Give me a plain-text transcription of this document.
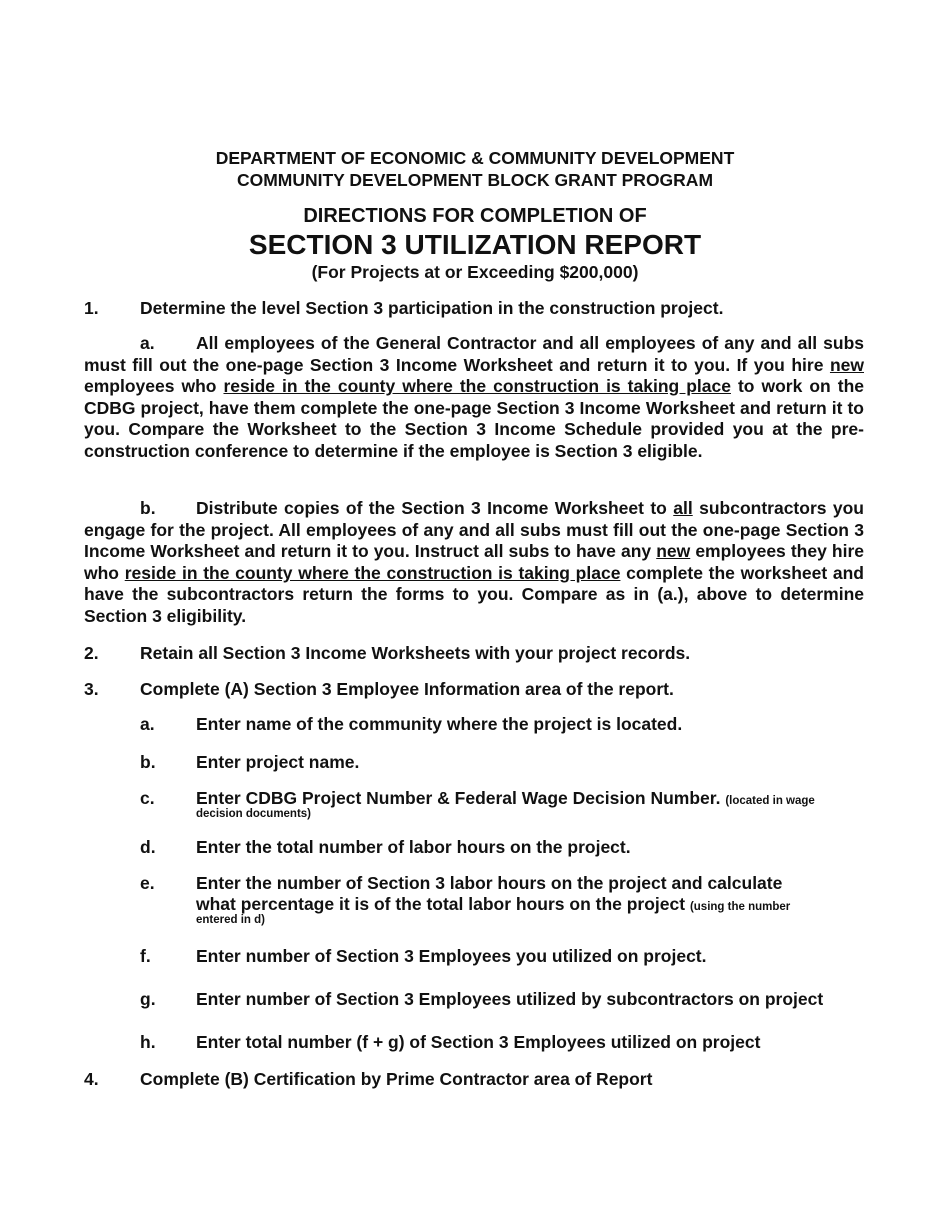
DEPARTMENT OF ECONOMIC & COMMUNITY DEVELOPMENT
COMMUNITY DEVELOPMENT BLOCK GRANT PROGRAM
DIRECTIONS FOR COMPLETION OF
SECTION 3 UTILIZATION REPORT
(For Projects at or Exceeding $200,000)
1. Determine the level Section 3 participation in the construction project.
a. All employees of the General Contractor and all employees of any and all subs must fill out the one-page Section 3 Income Worksheet and return it to you. If you hire new employees who reside in the county where the construction is taking place to work on the CDBG project, have them complete the one-page Section 3 Income Worksheet and return it to you. Compare the Worksheet to the Section 3 Income Schedule provided you at the pre-construction conference to determine if the employee is Section 3 eligible.
b. Distribute copies of the Section 3 Income Worksheet to all subcontractors you engage for the project. All employees of any and all subs must fill out the one-page Section 3 Income Worksheet and return it to you. Instruct all subs to have any new employees they hire who reside in the county where the construction is taking place complete the worksheet and have the subcontractors return the forms to you. Compare as in (a.), above to determine Section 3 eligibility.
2. Retain all Section 3 Income Worksheets with your project records.
3. Complete (A) Section 3 Employee Information area of the report.
a. Enter name of the community where the project is located.
b. Enter project name.
c. Enter CDBG Project Number & Federal Wage Decision Number. (located in wage
decision documents)
d. Enter the total number of labor hours on the project.
e. Enter the number of Section 3 labor hours on the project and calculate
what percentage it is of the total labor hours on the project (using the number
entered in d)
f.	Enter number of Section 3 Employees you utilized on project.
g. Enter number of Section 3 Employees utilized by subcontractors on project
h. Enter total number (f + g) of Section 3 Employees utilized on project
4. Complete (B) Certification by Prime Contractor area of Report
